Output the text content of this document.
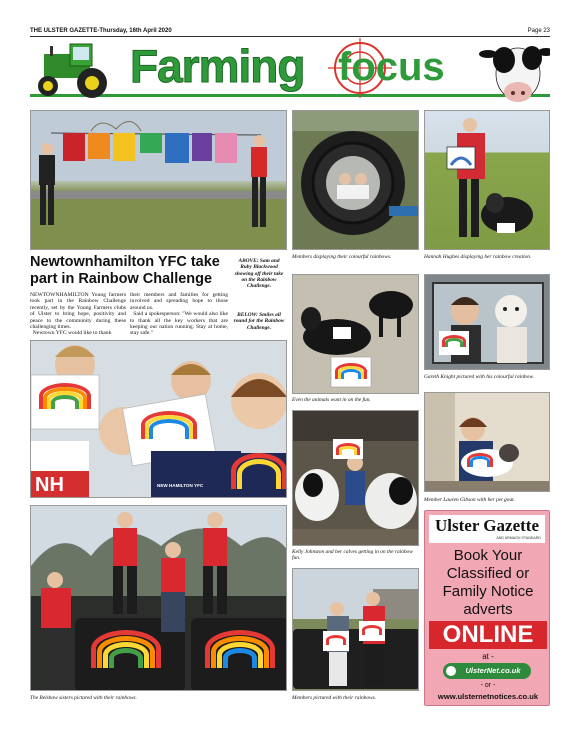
THE ULSTER GAZETTE-Thursday, 16th April 2020	Page 23
Farming focus
Members displaying their colourful rainbows.	Hannah Hughes displaying her rainbow creation.
Newtownhamilton YFC take
part in Rainbow Challenge
ABOVE: Sam and Ruby Blackwood showing off their take on the Rainbow Challenge.
BELOW: Smiles all round for the Rainbow Challenge.
NEWTOWNHAMILTON Young farmers took part in the Rainbow Challenge recently, set by the Young Farmers clubs of Ulster to bring hope, positivity and peace to the community during these challenging times.
Newtown YFC would like to thank
their members and families for getting involved and spreading hope to those around us.
Said a spokesperson: "We would also like to thank all the key workers that are keeping our nation running. Stay at home, stay safe."
NH	NEW HAMILTON YFC
Even the animals want in on the fun.
Gareth Knight pictured with his colourful rainbow.
Kelly Johnston and her calves getting in on the rainbow fun.
Member Lauren Gibson with her pet goat.
The Belshaw sisters pictured with their rainbows.	Members pictured with their rainbows.
Ulster Gazette
AND ARMAGH STANDARD
Book Your
Classified or
Family Notice
adverts
ONLINE
at -
UlsterNet.co.uk
- or -
www.ulsternetnotices.co.uk
